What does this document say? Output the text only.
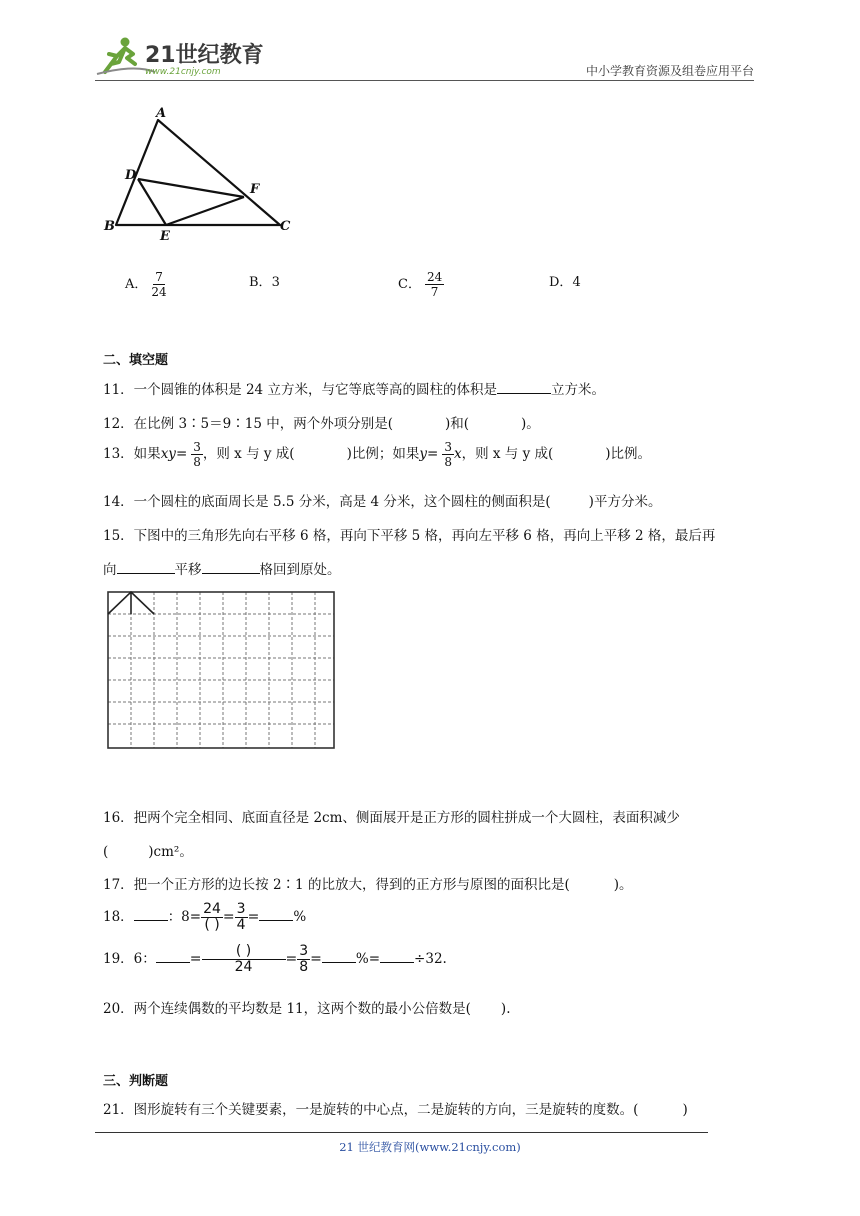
21世纪教育
www.21cnjy.com	中小学教育资源及组卷应用平台
A
B	C
D
E
F
A． $\frac{7}{24}$	B．3	C． $\frac{24}{7}$	D．4
二、填空题
11．一个圆锥的体积是 24 立方米，与它等底等高的圆柱的体积是	立方米。
12．在比例 3∶5＝9∶15 中，两个外项分别是(	)和(	)。
13．如果$xy= \frac{3}{8}$ ，则 x 与 y 成(	)比例；如果$y= \frac{3}{8}$ x，则 x 与 y 成(	)比例。
14．一个圆柱的底面周长是 5.5 分米，高是 4 分米，这个圆柱的侧面积是(	)平方分米。
15．下图中的三角形先向右平移 6 格，再向下平移 5 格，再向左平移 6 格，再向上平移 2 格，最后再
向	平移	格回到原处。
16．把两个完全相同、底面直径是 2cm、侧面展开是正方形的圆柱拼成一个大圆柱，表面积减少
(	)cm²。
17．把一个正方形的边长按 2∶1 的比放大，得到的正方形与原图的面积比是(	)。
18．	：8= 24
( ) = $\frac{3}{4}$ =	%
19．6： =	( )
$24 = \frac{3}{8}$ =	%=	÷32.
20．两个连续偶数的平均数是 11，这两个数的最小公倍数是( ).
三、判断题
21．图形旋转有三个关键要素，一是旋转的中心点，二是旋转的方向，三是旋转的度数。(	)
21 世纪教育网(www.21cnjy.com)
